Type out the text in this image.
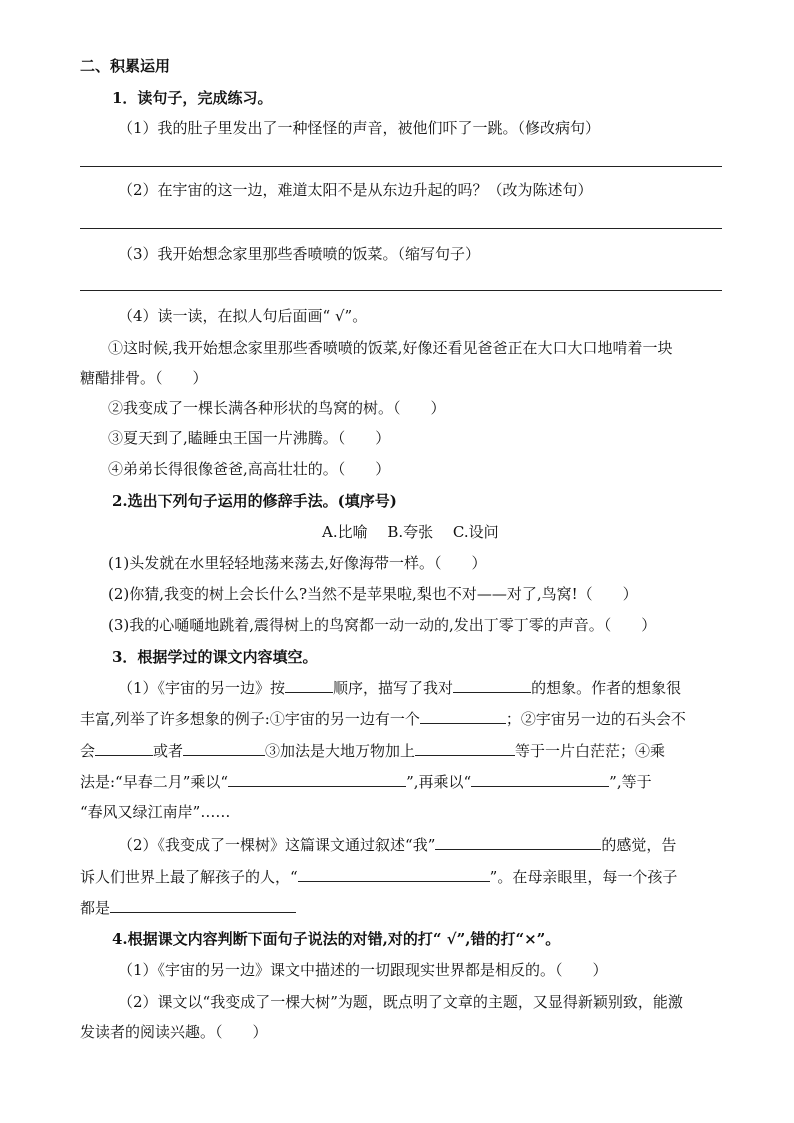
二、积累运用
1．读句子，完成练习。
（1）我的肚子里发出了一种怪怪的声音，被他们吓了一跳。（修改病句）
（2）在宇宙的这一边，难道太阳不是从东边升起的吗？（改为陈述句）
（3）我开始想念家里那些香喷喷的饭菜。（缩写句子）
（4）读一读，在拟人句后面画“ √”。
①这时候,我开始想念家里那些香喷喷的饭菜,好像还看见爸爸正在大口大口地啃着一块
糖醋排骨。（　　）
②我变成了一棵长满各种形状的鸟窝的树。（　　）
③夏天到了,瞌睡虫王国一片沸腾。（　　）
④弟弟长得很像爸爸,高高壮壮的。（　　）
2.选出下列句子运用的修辞手法。(填序号)
A.比喻　 B.夸张　 C.设问
(1)头发就在水里轻轻地荡来荡去,好像海带一样。（　　）
(2)你猜,我变的树上会长什么?当然不是苹果啦,梨也不对——对了,鸟窝!（　　）
(3)我的心嗵嗵地跳着,震得树上的鸟窝都一动一动的,发出丁零丁零的声音。（　　）
3．根据学过的课文内容填空。
（1）《宇宙的另一边》按	顺序，描写了我对	的想象。作者的想象很
丰富,列举了许多想象的例子:①宇宙的另一边有一个	；②宇宙另一边的石头会不
会	或者	③加法是大地万物加上	等于一片白茫茫；④乘
法是:“早春二月”乘以“	”,再乘以“	”,等于
“春风又绿江南岸”……
（2）《我变成了一棵树》这篇课文通过叙述“我”	的感觉，告
诉人们世界上最了解孩子的人，“	”。在母亲眼里，每一个孩子
都是
4.根据课文内容判断下面句子说法的对错,对的打“ √”,错的打“×”。
（1）《宇宙的另一边》课文中描述的一切跟现实世界都是相反的。（　　）
（2）课文以“我变成了一棵大树”为题，既点明了文章的主题，又显得新颖别致，能激
发读者的阅读兴趣。（　　）
